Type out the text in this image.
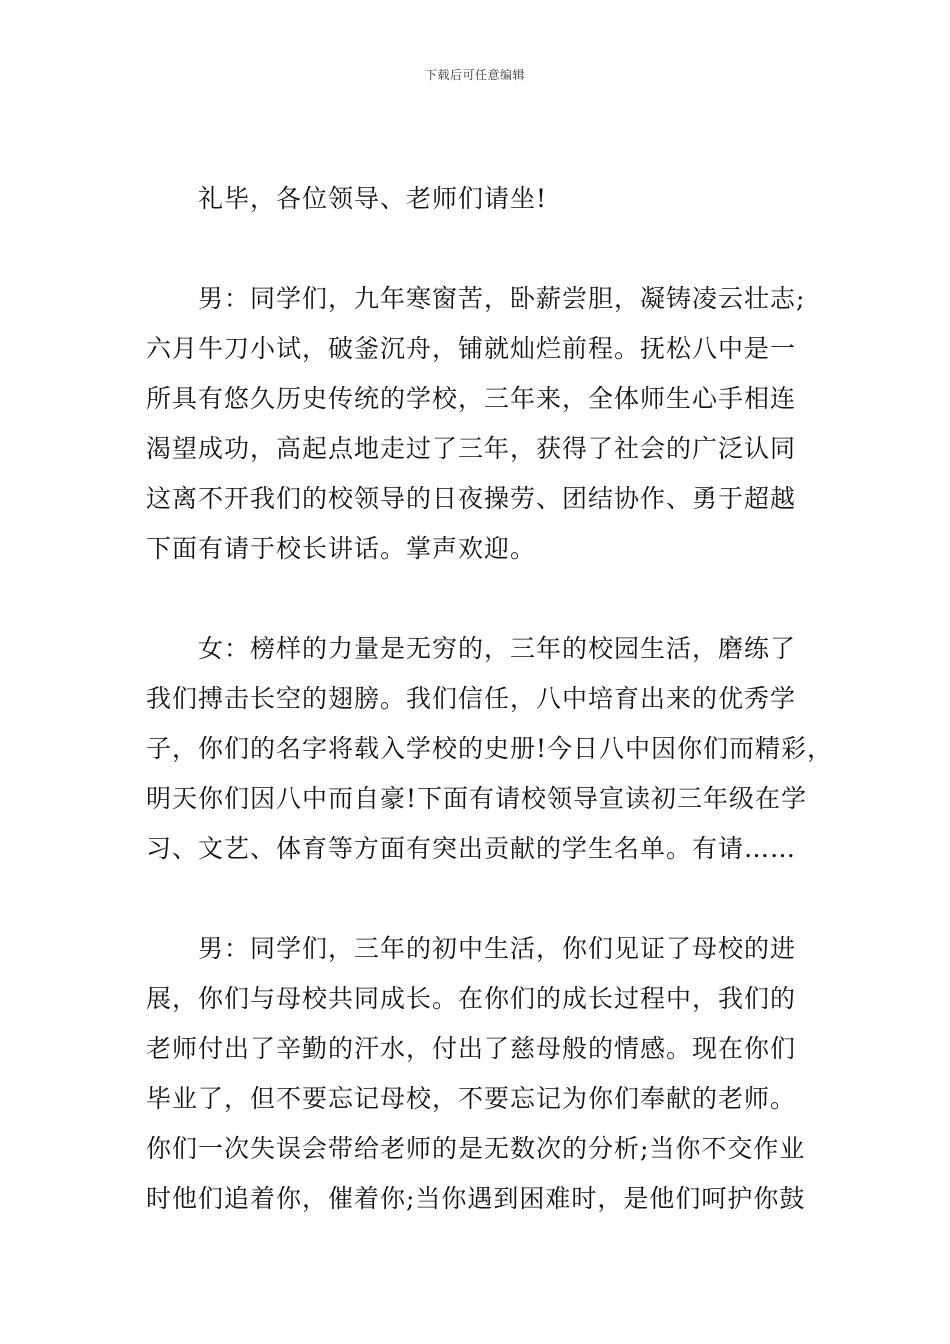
下载后可任意编辑
礼毕，各位领导、老师们请坐!
男：同学们，九年寒窗苦，卧薪尝胆，凝铸凌云壮志;
六月牛刀小试，破釜沉舟，铺就灿烂前程。抚松八中是一
所具有悠久历史传统的学校，三年来，全体师生心手相连
渴望成功，高起点地走过了三年，获得了社会的广泛认同
这离不开我们的校领导的日夜操劳、团结协作、勇于超越
下面有请于校长讲话。掌声欢迎。
女：榜样的力量是无穷的，三年的校园生活，磨练了
我们搏击长空的翅膀。我们信任，八中培育出来的优秀学
子，你们的名字将载入学校的史册!今日八中因你们而精彩，
明天你们因八中而自豪!下面有请校领导宣读初三年级在学
习、文艺、体育等方面有突出贡献的学生名单。有请……
男：同学们，三年的初中生活，你们见证了母校的进
展，你们与母校共同成长。在你们的成长过程中，我们的
老师付出了辛勤的汗水，付出了慈母般的情感。现在你们
毕业了，但不要忘记母校，不要忘记为你们奉献的老师。
你们一次失误会带给老师的是无数次的分析;当你不交作业
时他们追着你，催着你;当你遇到困难时，是他们呵护你鼓
